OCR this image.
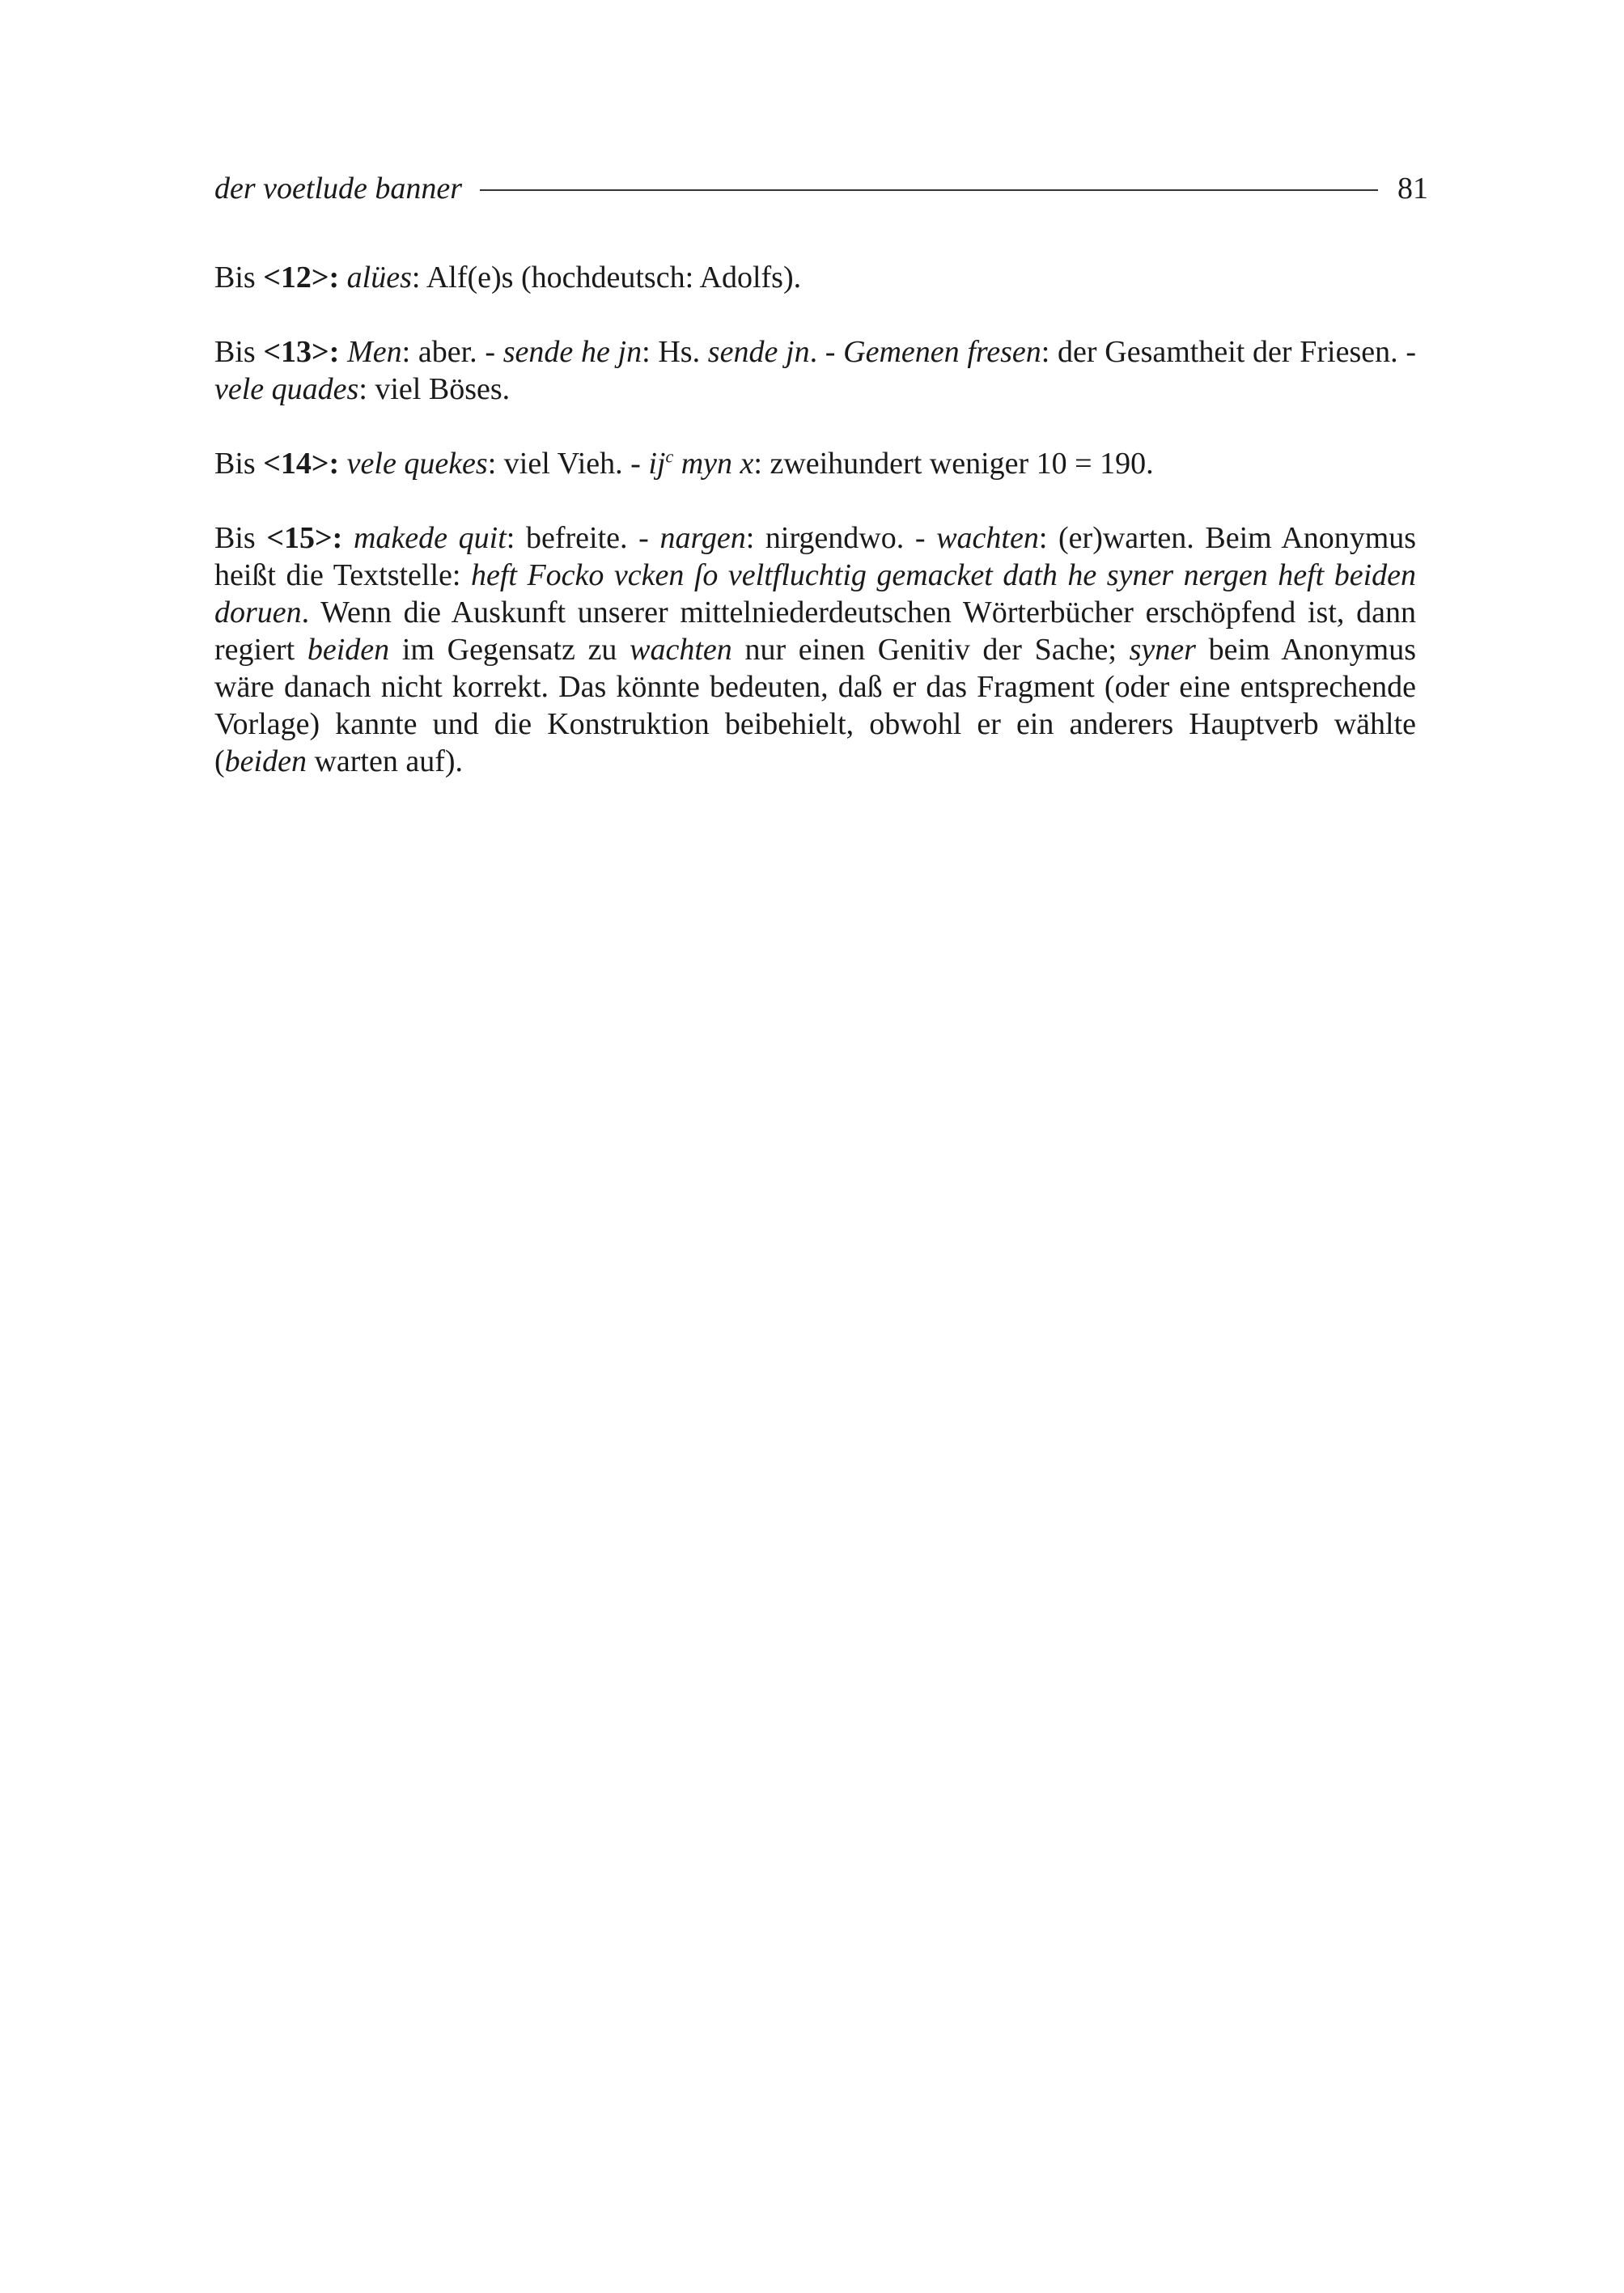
der voetlude banner	81

Bis <12>: alües: Alf(e)s (hochdeutsch: Adolfs).

Bis <13>: Men: aber. - sende he jn: Hs. sende jn. - Gemenen fresen: der Gesamtheit der Friesen. - vele quades: viel Böses.

Bis <14>: vele quekes: viel Vieh. - $ij^c$ myn x: zweihundert weniger 10 = 190.

Bis <15>: makede quit: befreite. - nargen: nirgendwo. - wachten: (er)warten. Beim Anonymus heißt die Textstelle: heft Focko vcken ſo veltfluchtig gemacket dath he syner nergen heft beiden doruen. Wenn die Auskunft unserer mittelniederdeutschen Wörterbücher erschöpfend ist, dann regiert beiden im Gegensatz zu wachten nur einen Genitiv der Sache; syner beim Anonymus wäre danach nicht korrekt. Das könnte bedeuten, daß er das Fragment (oder eine entsprechende Vorlage) kannte und die Konstruktion beibehielt, obwohl er ein anderers Hauptverb wählte (beiden warten auf).
